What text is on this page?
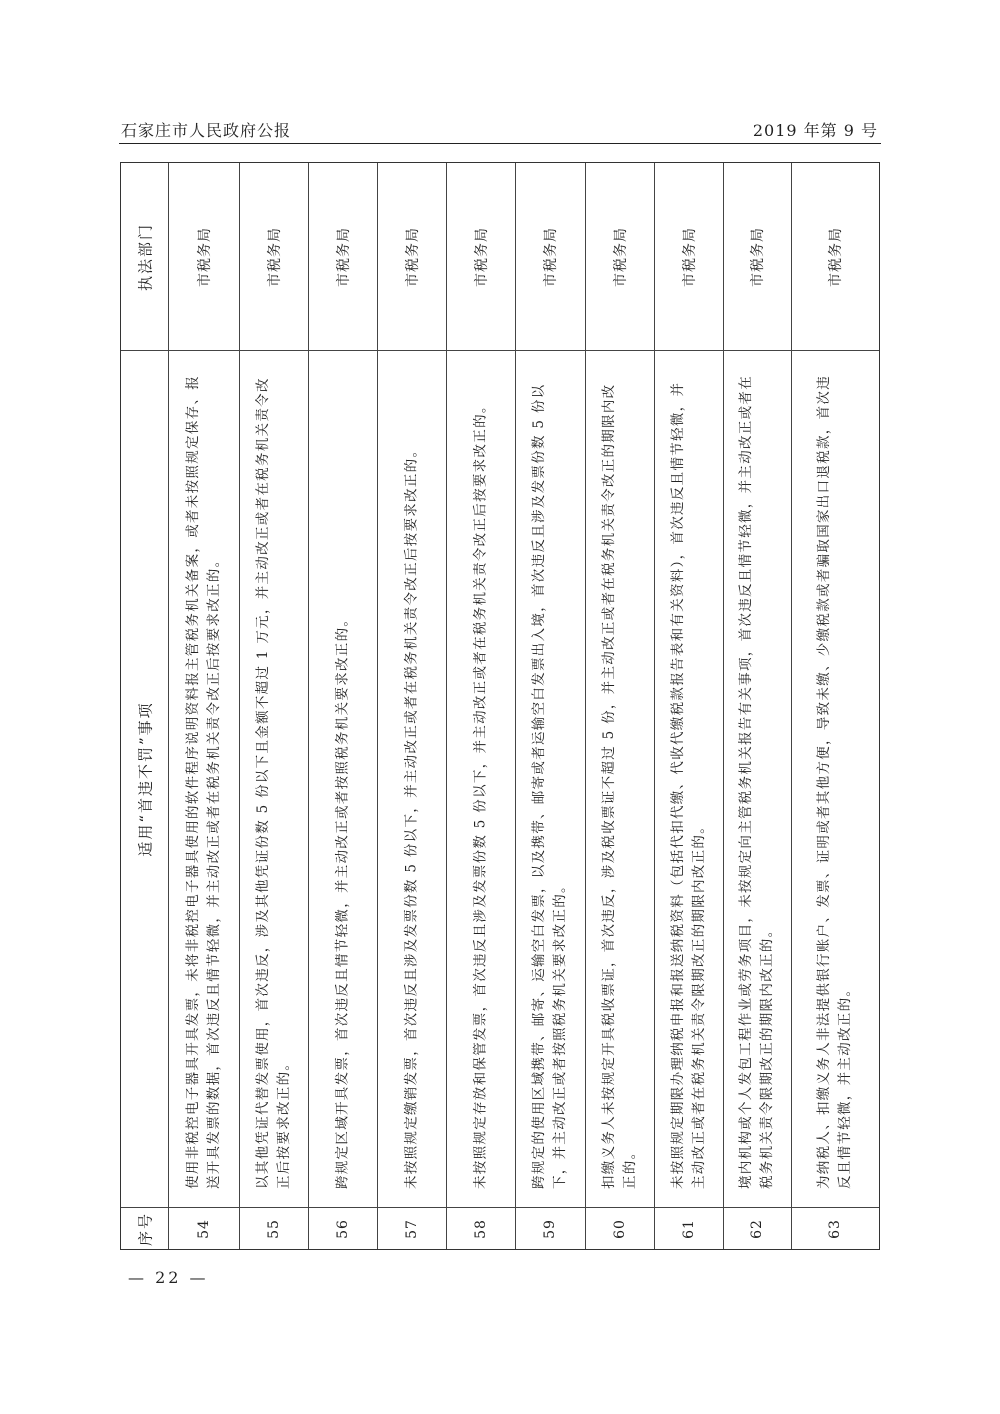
石家庄市人民政府公报	2019 年第 9 号
执法部门
适用“首违不罚”事项
序号
市税务局
使用非税控电子器具开具发票，未将非税控电子器具使用的软件程序说明资料报主管税务机关备案，或者未按照规定保存、报送开具发票的数据，首次违反且情节轻微，并主动改正或者在税务机关责令改正后按要求改正的。
54
市税务局
以其他凭证代替发票使用，首次违反，涉及其他凭证份数 5 份以下且金额不超过 1 万元，并主动改正或者在税务机关责令改正后按要求改正的。
55
市税务局
跨规定区域开具发票，首次违反且情节轻微，并主动改正或者按照税务机关要求改正的。
56
市税务局
未按照规定缴销发票，首次违反且涉及发票份数 5 份以下，并主动改正或者在税务机关责令改正后按要求改正的。
57
市税务局
未按照规定存放和保管发票，首次违反且涉及发票份数 5 份以下，并主动改正或者在税务机关责令改正后按要求改正的。
58
市税务局
跨规定的使用区域携带、邮寄、运输空白发票，以及携带、邮寄或者运输空白发票出入境，首次违反且涉及发票份数 5 份以下，并主动改正或者按照税务机关要求改正的。
59
市税务局
扣缴义务人未按规定开具税收票证，首次违反，涉及税收票证不超过 5 份，并主动改正或者在税务机关责令改正的期限内改正的。
60
市税务局
未按照规定期限办理纳税申报和报送纳税资料（包括代扣代缴、代收代缴税款报告表和有关资料），首次违反且情节轻微，并主动改正或者在税务机关责令限期改正的期限内改正的。
61
市税务局
境内机构或个人发包工程作业或劳务项目，未按规定向主管税务机关报告有关事项，首次违反且情节轻微，并主动改正或者在税务机关责令限期改正的期限内改正的。
62
市税务局
为纳税人、扣缴义务人非法提供银行账户、发票、证明或者其他方便，导致未缴、少缴税款或者骗取国家出口退税款，首次违反且情节轻微，并主动改正的。
63
— 22 —
